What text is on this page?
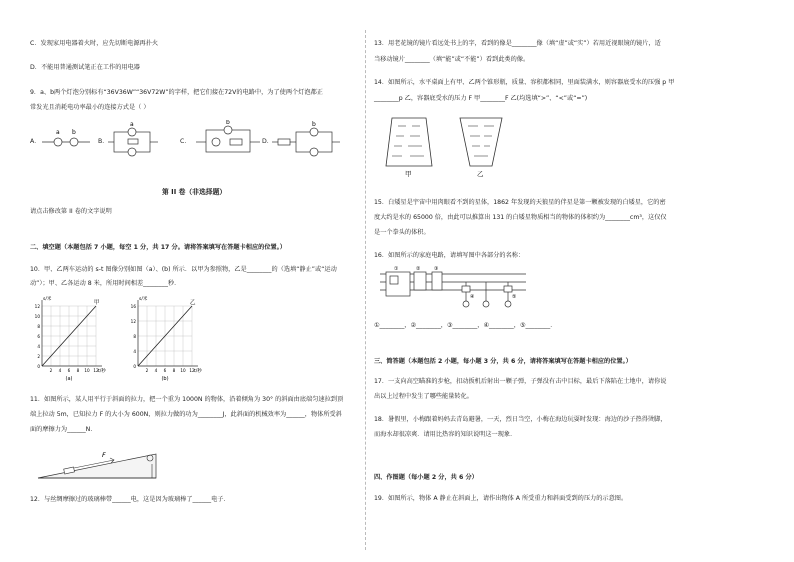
C．发现家用电器着火时，应先切断电源再扑火
D．不能用普通测试笔正在工作的用电器
9．a、b两个灯泡分别标有“36V36W”“36V72W”的字样，把它们接在72V的电路中，为了使两个灯泡都正
常发光且消耗电功率最小的连接方式是（ ）
A．	B．	C．	D．
a b
a	b	b
第 II 卷（非选择题）
请点击修改第 II 卷的文字说明
二、填空题（本题包括 7 小题，每空 1 分，共 17 分。请将答案填写在答题卡相应的位置。）
10．甲、乙两车运动的 s-t 图像分别如图（a）、(b) 所示．以甲为参照物，乙是________的（选填“静止”或“运动
动”）；甲、乙各运动 8 米，所用时间相差________秒．
12
10
8
6
4
2
0
2 4 6 8 10 12
s/米
t/秒
甲
(a)
16
12
8
4
0
2 4 6 8 10 12
s/米
t/秒
乙
(b)
11．如图所示，某人用平行于斜面的拉力，把一个重为 1000N 的物体，沿着倾角为 30° 的斜面由底端匀速拉到顶
端上拉动 5m，已知拉力 F 的大小为 600N，则拉力做的功为________J，此斜面的机械效率为______，物体所受斜
面的摩擦力为______N．
F
12．与丝绸摩擦过的玻璃棒带______电，这是因为玻璃棒了______电子．
13．用老花镜的镜片看远处书上的字，看到的像是________像（填“虚”或“实”）若用近视眼镜的镜片，适
当移动镜片________（填“能”或“不能”）看到此类的像。
14．如图所示，水平桌面上有甲、乙两个锥形瓶，质量、容积都相同，里面装满水，则容器底受水的压强 p 甲
________p 乙，容器底受水的压力 F 甲________F 乙(均选填“>”、“<”或“=”)
甲	乙
15．白矮星是宇宙中用肉眼看不到的星体，1862 年发现的天狼星的伴星是第一颗被发现的白矮星，它的密
度大约是水的 65000 倍，由此可以推算出 131 的白矮星物质相当的物体的体积约为________cm³，这仅仅
是一个拳头的体积。
16．如图所示的家庭电路，请填写图中各部分的名称：
①	②	③
④	⑤
①________，②________，③________，④________，⑤________．
三、简答题（本题包括 2 小题，每小题 3 分，共 6 分，请将答案填写在答题卡相应的位置。）
17．一支向高空瞄准的步枪，扣动扳机后射出一颗子弹，子弹没有击中目标，最后下落陷在土地中，请你说
出以上过程中发生了哪些能量转化。
18．暑假里，小梅跟着妈妈去青岛避暑，一天，烈日当空，小梅在海边玩耍时发现：海边的沙子热得烫脚，
而海水却很凉爽．请用比热容的知识说明这一现象．
四、作图题（每小题 2 分，共 6 分）
19．如图所示，物体 A 静止在斜面上，请作出物体 A 所受重力和斜面受到的压力的示意图。
